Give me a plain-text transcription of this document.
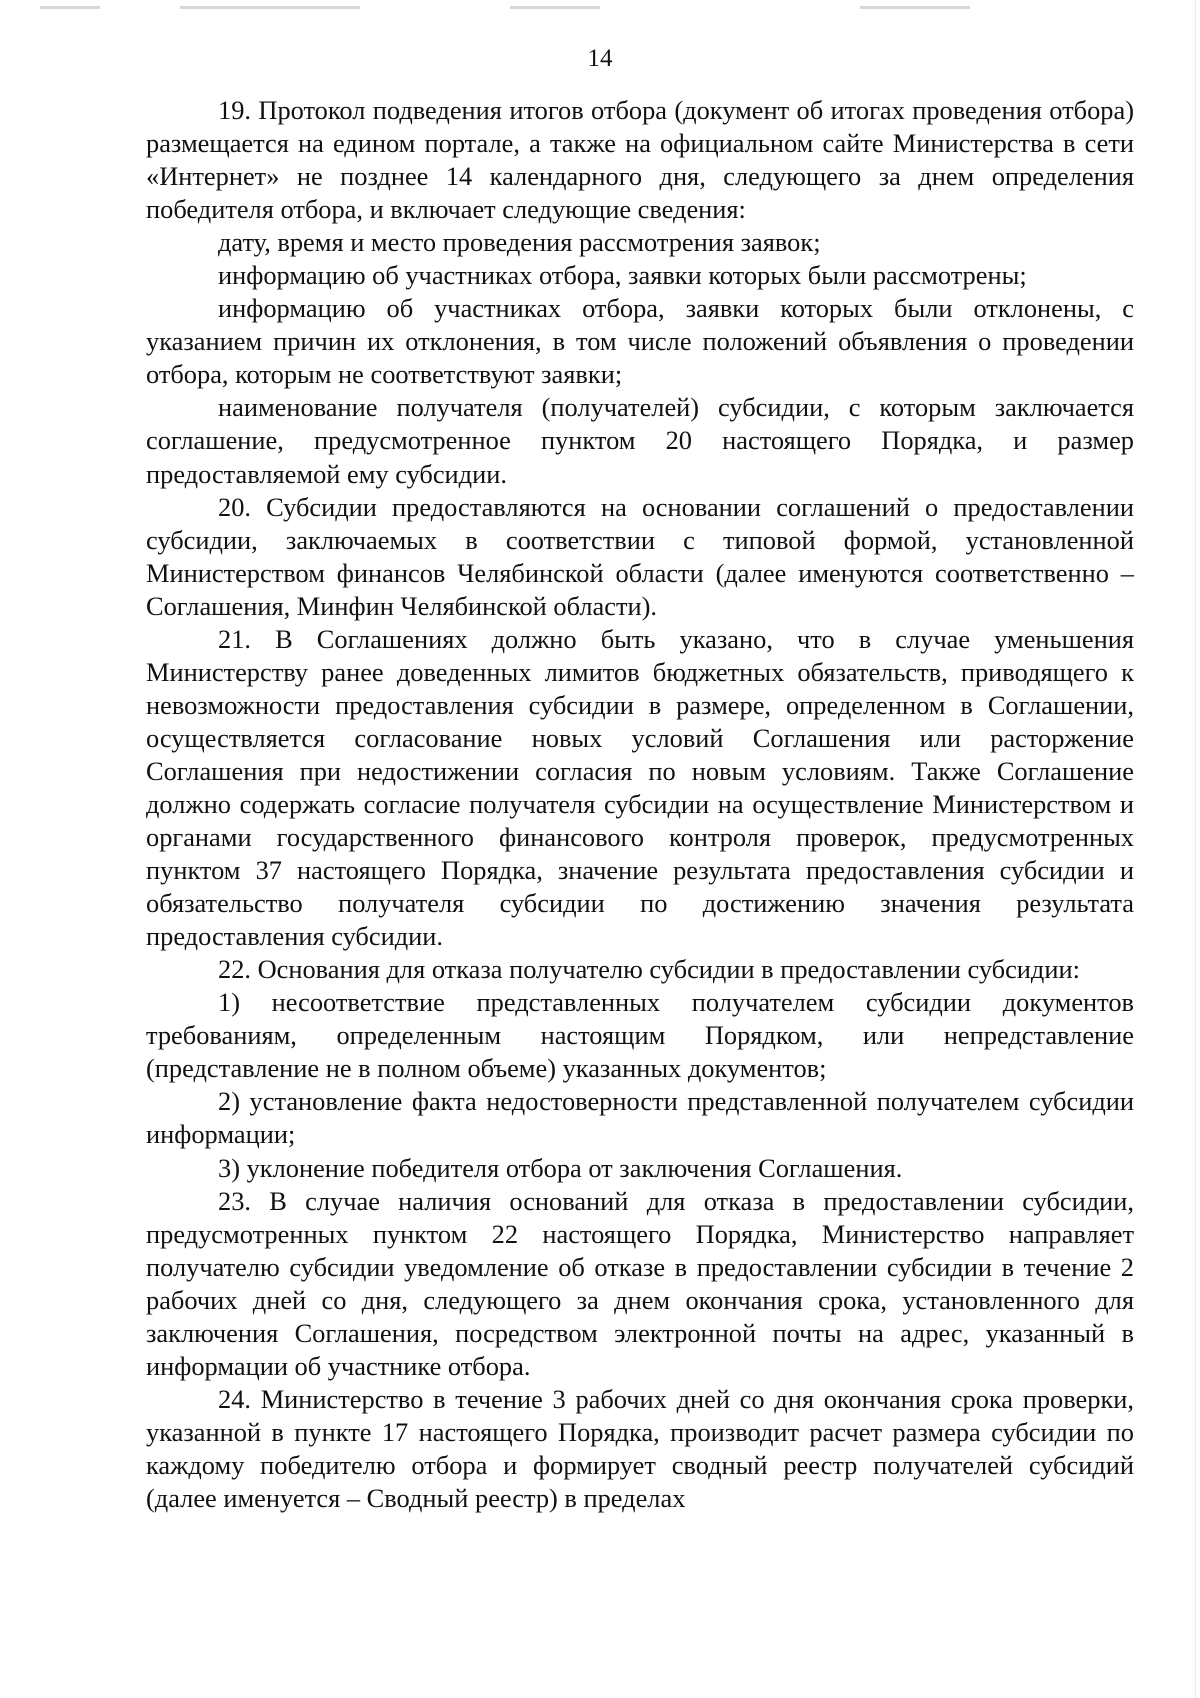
14

19. Протокол подведения итогов отбора (документ об итогах проведения отбора) размещается на едином портале, а также на официальном сайте Министерства в сети «Интернет» не позднее 14 календарного дня, следующего за днем определения победителя отбора, и включает следующие сведения:

дату, время и место проведения рассмотрения заявок;

информацию об участниках отбора, заявки которых были рассмотрены;

информацию об участниках отбора, заявки которых были отклонены, с указанием причин их отклонения, в том числе положений объявления о проведении отбора, которым не соответствуют заявки;

наименование получателя (получателей) субсидии, с которым заключается соглашение, предусмотренное пунктом 20 настоящего Порядка, и размер предоставляемой ему субсидии.

20. Субсидии предоставляются на основании соглашений о предоставлении субсидии, заключаемых в соответствии с типовой формой, установленной Министерством финансов Челябинской области (далее именуются соответственно – Соглашения, Минфин Челябинской области).

21. В Соглашениях должно быть указано, что в случае уменьшения Министерству ранее доведенных лимитов бюджетных обязательств, приводящего к невозможности предоставления субсидии в размере, определенном в Соглашении, осуществляется согласование новых условий Соглашения или расторжение Соглашения при недостижении согласия по новым условиям. Также Соглашение должно содержать согласие получателя субсидии на осуществление Министерством и органами государственного финансового контроля проверок, предусмотренных пунктом 37 настоящего Порядка, значение результата предоставления субсидии и обязательство получателя субсидии по достижению значения результата предоставления субсидии.

22. Основания для отказа получателю субсидии в предоставлении субсидии:

1) несоответствие представленных получателем субсидии документов требованиям, определенным настоящим Порядком, или непредставление (представление не в полном объеме) указанных документов;

2) установление факта недостоверности представленной получателем субсидии информации;

3) уклонение победителя отбора от заключения Соглашения.

23. В случае наличия оснований для отказа в предоставлении субсидии, предусмотренных пунктом 22 настоящего Порядка, Министерство направляет получателю субсидии уведомление об отказе в предоставлении субсидии в течение 2 рабочих дней со дня, следующего за днем окончания срока, установленного для заключения Соглашения, посредством электронной почты на адрес, указанный в информации об участнике отбора.

24. Министерство в течение 3 рабочих дней со дня окончания срока проверки, указанной в пункте 17 настоящего Порядка, производит расчет размера субсидии по каждому победителю отбора и формирует сводный реестр получателей субсидий (далее именуется – Сводный реестр) в пределах
